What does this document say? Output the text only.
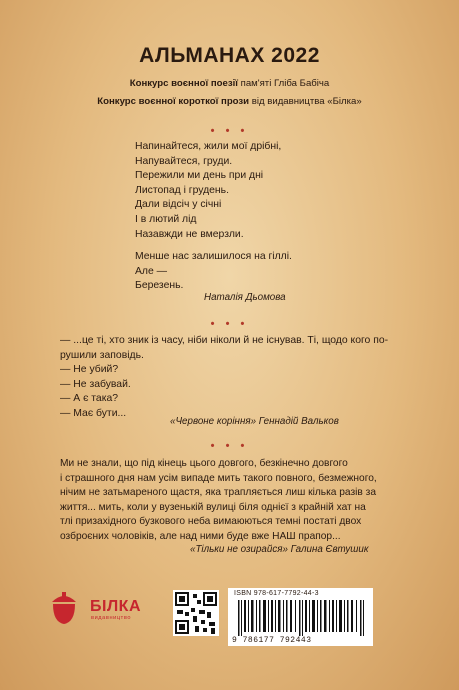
АЛЬМАНАХ 2022
Конкурс воєнної поезії пам'яті Гліба Бабіча
Конкурс воєнної короткої прози від видавництва «Білка»
• • •
Напинайтеся, жили мої дрібні,
Напувайтеся, груди.
Пережили ми день при дні
Листопад і грудень.
Дали відсіч у січні
І в лютий лід
Назавжди не вмерзли.
Менше нас залишилося на гіллі.
Але —
Березень.
Наталія Дьомова
• • •
— ...це ті, хто зник із часу, ніби ніколи й не існував. Ті, щодо кого по-
рушили заповідь.
— Не убий?
— Не забувай.
— А є така?
— Має бути...
«Червоне коріння» Геннадій Вальков
• • •
Ми не знали, що під кінець цього довгого, безкінечно довгого
і страшного дня нам усім випаде мить такого повного, безмежного,
нічим не затьмареного щастя, яка трапляється лиш кілька разів за
життя... мить, коли у вузенькій вулиці біля однієї з крайній хат на
тлі призахідного бузкового неба вимаюються темні постаті двох
озброєних чоловіків, але над ними буде вже НАШ прапор...
«Тільки не озирайся» Галина Євтушик
БІЛКА
видавництво
ISBN 978-617-7792-44-3
9 786177 792443
